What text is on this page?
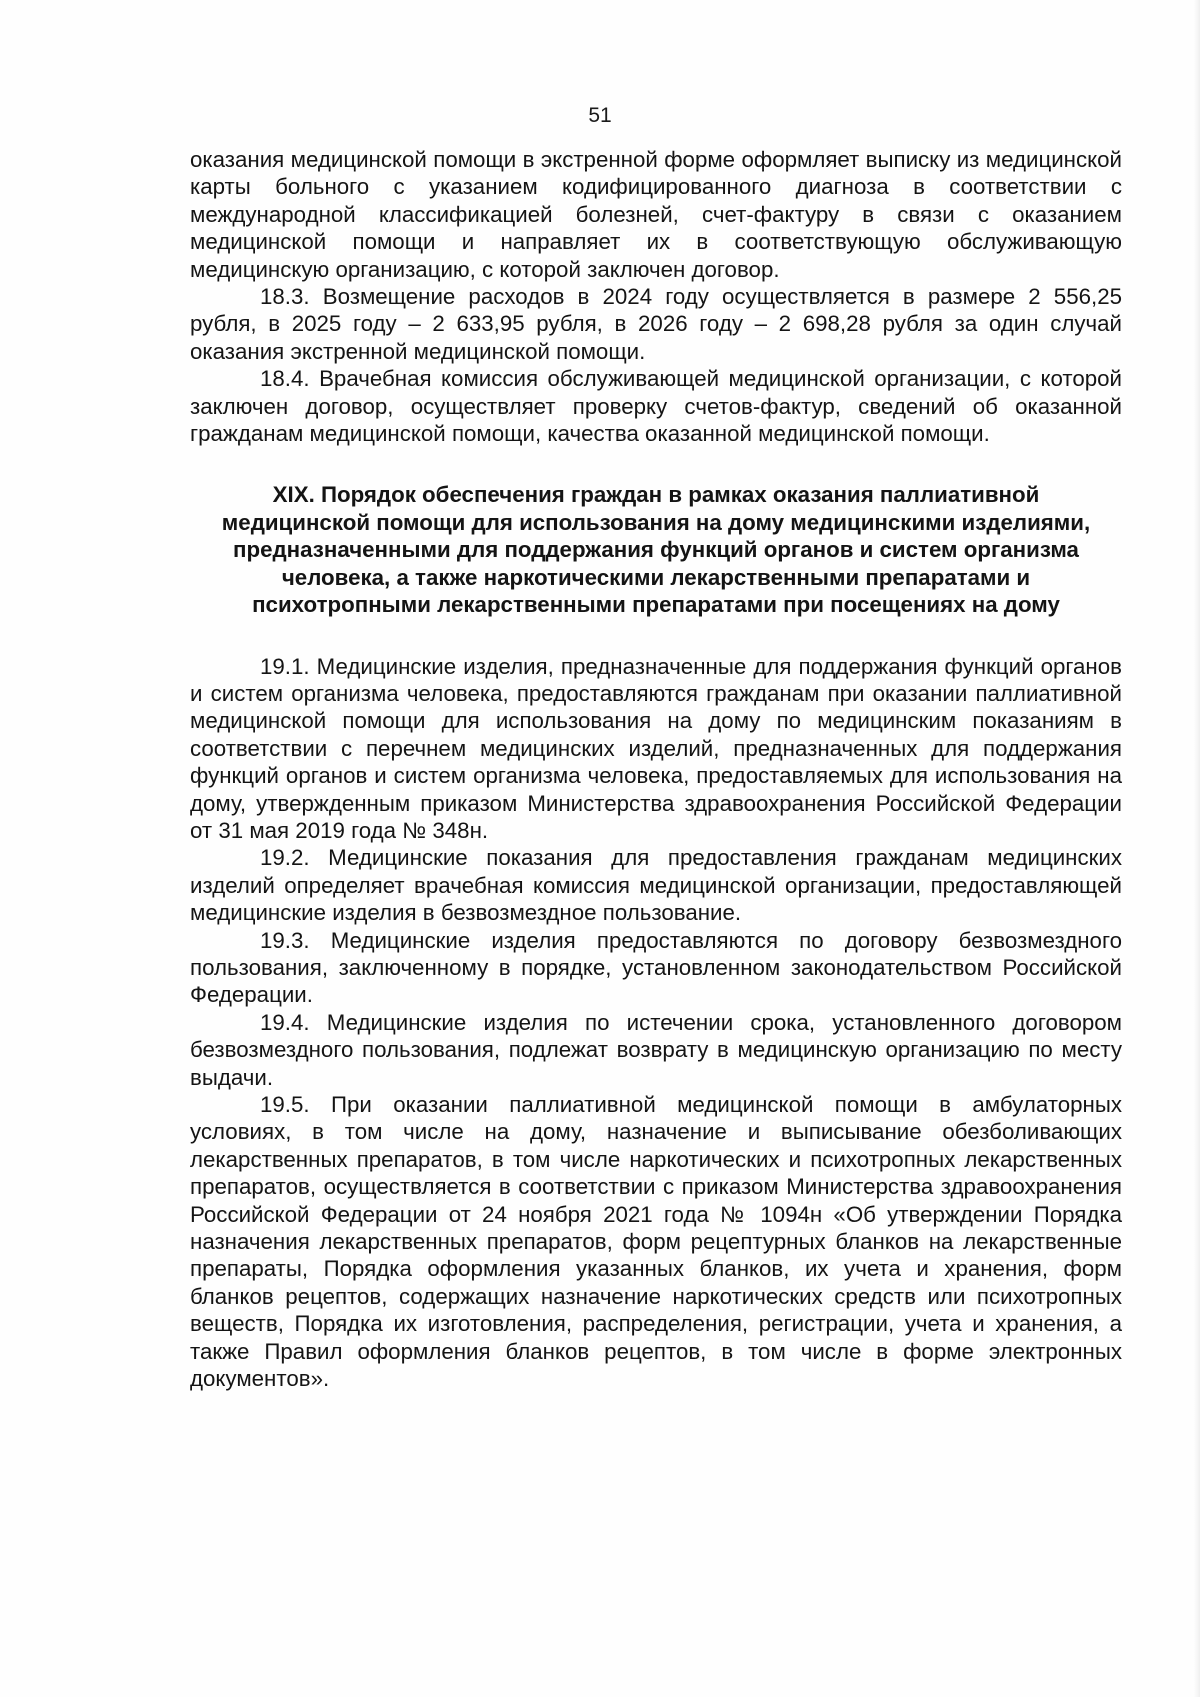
51

оказания медицинской помощи в экстренной форме оформляет выписку из медицинской карты больного с указанием кодифицированного диагноза в соответствии с международной классификацией болезней, счет-фактуру в связи с оказанием медицинской помощи и направляет их в соответствующую обслуживающую медицинскую организацию, с которой заключен договор.

18.3. Возмещение расходов в 2024 году осуществляется в размере 2 556,25 рубля, в 2025 году – 2 633,95 рубля, в 2026 году – 2 698,28 рубля за один случай оказания экстренной медицинской помощи.

18.4. Врачебная комиссия обслуживающей медицинской организации, с которой заключен договор, осуществляет проверку счетов-фактур, сведений об оказанной гражданам медицинской помощи, качества оказанной медицинской помощи.

XIX. Порядок обеспечения граждан в рамках оказания паллиативной медицинской помощи для использования на дому медицинскими изделиями, предназначенными для поддержания функций органов и систем организма человека, а также наркотическими лекарственными препаратами и психотропными лекарственными препаратами при посещениях на дому

19.1. Медицинские изделия, предназначенные для поддержания функций органов и систем организма человека, предоставляются гражданам при оказании паллиативной медицинской помощи для использования на дому по медицинским показаниям в соответствии с перечнем медицинских изделий, предназначенных для поддержания функций органов и систем организма человека, предоставляемых для использования на дому, утвержденным приказом Министерства здравоохранения Российской Федерации от 31 мая 2019 года № 348н.

19.2. Медицинские показания для предоставления гражданам медицинских изделий определяет врачебная комиссия медицинской организации, предоставляющей медицинские изделия в безвозмездное пользование.

19.3. Медицинские изделия предоставляются по договору безвозмездного пользования, заключенному в порядке, установленном законодательством Российской Федерации.

19.4. Медицинские изделия по истечении срока, установленного договором безвозмездного пользования, подлежат возврату в медицинскую организацию по месту выдачи.

19.5. При оказании паллиативной медицинской помощи в амбулаторных условиях, в том числе на дому, назначение и выписывание обезболивающих лекарственных препаратов, в том числе наркотических и психотропных лекарственных препаратов, осуществляется в соответствии с приказом Министерства здравоохранения Российской Федерации от 24 ноября 2021 года № 1094н «Об утверждении Порядка назначения лекарственных препаратов, форм рецептурных бланков на лекарственные препараты, Порядка оформления указанных бланков, их учета и хранения, форм бланков рецептов, содержащих назначение наркотических средств или психотропных веществ, Порядка их изготовления, распределения, регистрации, учета и хранения, а также Правил оформления бланков рецептов, в том числе в форме электронных документов».
